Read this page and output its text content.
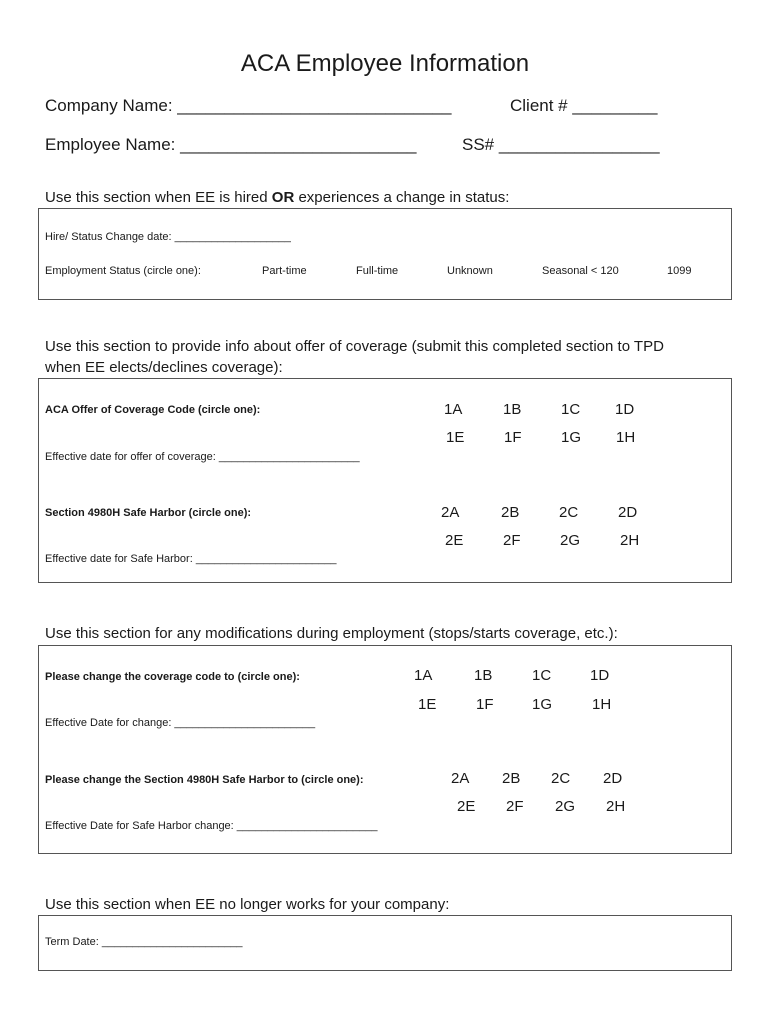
ACA Employee Information
Company Name: _____________________________	Client # _________
Employee Name: _________________________	SS# _________________
Use this section when EE is hired OR experiences a change in status:
Hire/ Status Change date: ___________________
Employment Status (circle one):	Part-time	Full-time	Unknown	Seasonal < 120	1099
Use this section to provide info about offer of coverage (submit this completed section to TPD
when EE elects/declines coverage):
ACA Offer of Coverage Code (circle one):	1A	1B	1C 1D
1E	1F	1G 1H
Effective date for offer of coverage: _______________________
Section 4980H Safe Harbor (circle one):	2A	2B	2C	2D
2E	2F	2G	2H
Effective date for Safe Harbor: _______________________
Use this section for any modifications during employment (stops/starts coverage, etc.):
Please change the coverage code to (circle one):	1A	1B	1C	1D
1E	1F	1G	1H
Effective Date for change: _______________________
Please change the Section 4980H Safe Harbor to (circle one):	2A 2B 2C 2D
2E 2F 2G 2H
Effective Date for Safe Harbor change: _______________________
Use this section when EE no longer works for your company:
Term Date: _______________________
